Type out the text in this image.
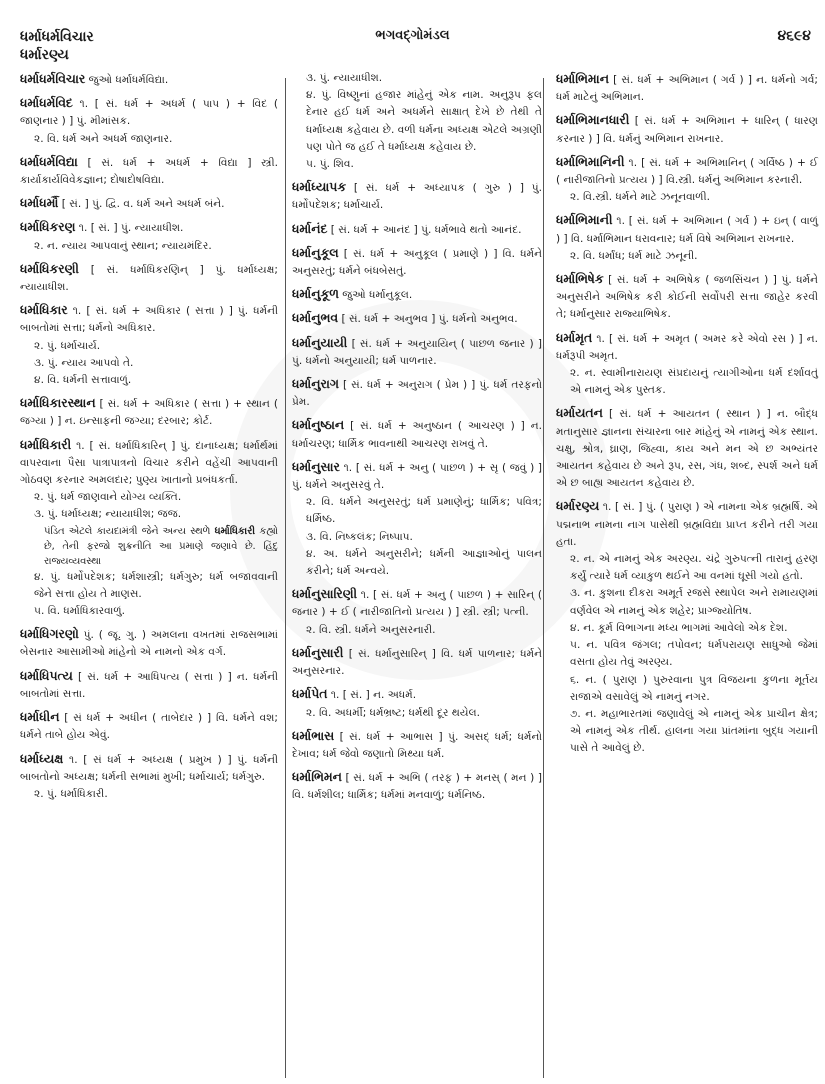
ધર્માધર્મવિચાર
ધર્મારણ્ય
ભગવદ્ગોમંડલ	૪૬૯૪
ધર્માધર્મવિચાર જુઓ ધર્માધર્મવિદ્યા.
ધર્માધર્મવિદ ૧. [ સં. ધર્મ + અધર્મ ( પાપ ) + વિદ ( જાણનાર ) ] પું. મીમાંસક.
૨. વિ. ધર્મ અને અધર્મ જાણનાર.
ધર્માધર્મવિદ્યા [ સં. ધર્મ + અધર્મ + વિદ્યા ] સ્ત્રી. કાર્યાકાર્યવિવેકજ્ઞાન; દોષાદોષવિદ્યા.
ધર્માધર્મૌ [ સં. ] પું. દ્વિ. વ. ધર્મ અને અધર્મ બંને.
ધર્માધિકરણ ૧. [ સં. ] પું. ન્યાયાધીશ.
૨. ન. ન્યાય આપવાનું સ્થાન; ન્યાયમંદિર.
ધર્માધિકરણી [ સં. ધર્માધિકરણિન્ ] પું. ધર્માધ્યક્ષ; ન્યાયાધીશ.
ધર્માધિકાર ૧. [ સં. ધર્મ + અધિકાર ( સત્તા ) ] પું. ધર્મની બાબતોમાં સત્તા; ધર્મનો અધિકાર.
૨. પું. ધર્માચાર્ય.
૩. પું. ન્યાય આપવો તે.
૪. વિ. ધર્મની સત્તાવાળું.
ધર્માધિકારસ્થાન [ સં. ધર્મ + અધિકાર ( સત્તા ) + સ્થાન ( જગ્યા ) ] ન. ઇન્સાફની જગ્યા; દરબાર; કોર્ટ.
ધર્માધિકારી ૧. [ સં. ધર્માધિકારિન્ ] પું. દાનાધ્યક્ષ; ધર્માર્થમાં વાપરવાના પૈસા પાત્રાપાત્રનો વિચાર કરીને વહેંચી આપવાની ગોઠવણ કરનાર અમલદાર; પુણ્ય ખાતાનો પ્રબંધકર્તા.
૨. પું. ધર્મ જાણવાને યોગ્ય વ્યક્તિ.
૩. પું. ધર્માધ્યક્ષ; ન્યાયાધીશ; જજ.
પંડિત એટલે કાયદામંત્રી જેને અન્ય સ્થળે ધર્માધિકારી કહ્યો છે, તેની ફરજો શુક્રનીતિ આ પ્રમાણે જણાવે છે. હિંદુ રાજ્યવ્યવસ્થા
૪. પું. ધર્મોપદેશક; ધર્મશાસ્ત્રી; ધર્મગુરુ; ધર્મ બજાવવાની જેને સત્તા હોય તે માણસ.
૫. વિ. ધર્માધિકારવાળું.
ધર્માધિગરણો પું. ( જૂ. ગુ. ) અમલના વખતમાં રાજસભામાં બેસનાર આસામીઓ માંહેનો એ નામનો એક વર્ગ.
ધર્માધિપત્ય [ સં. ધર્મ + આધિપત્ય ( સત્તા ) ] ન. ધર્મની બાબતોમાં સત્તા.
ધર્માધીન [ સં ધર્મ + અધીન ( તાબેદાર ) ] વિ. ધર્મને વશ; ધર્મને તાબે હોય એવું.
ધર્માધ્યક્ષ ૧. [ સં ધર્મ + અધ્યક્ષ ( પ્રમુખ ) ] પું. ધર્મની બાબતોનો અધ્યક્ષ; ધર્મની સભામાં મુખી; ધર્માચાર્ય; ધર્મગુરુ.
૨. પું. ધર્માધિકારી.
૩. પું. ન્યાયાધીશ.
૪. પું. વિષ્ણુનાં હજાર માંહેનું એક નામ. અનુરૂપ ફલ દેનાર હઈ ધર્મ અને અધર્મને સાક્ષાત્ દેખે છે તેથી તે ધર્માધ્યક્ષ કહેવાય છે. વળી ધર્મના અધ્યક્ષ એટલે અગ્રણી પણ પોતે જ હઈ તે ધર્માધ્યક્ષ કહેવાય છે.
૫. પું. શિવ.
ધર્માધ્યાપક [ સં. ધર્મ + અધ્યાપક ( ગુરુ ) ] પું. ધર્મોપદેશક; ધર્માચાર્ય.
ધર્માનંદ [ સં. ધર્મ + આનંદ ] પું. ધર્મભાવે થતો આનંદ.
ધર્માનુકૂલ [ સં. ધર્મ + અનુકૂલ ( પ્રમાણે ) ] વિ. ધર્મને અનુસરતું; ધર્મને બંધબેસતું.
ધર્માનુકૂળ જુઓ ધર્માનુકૂલ.
ધર્માનુભવ [ સં. ધર્મ + અનુભવ ] પું. ધર્મનો અનુભવ.
ધર્માનુયાયી [ સં. ધર્મ + અનુયાયિન્ ( પાછળ જનાર ) ] પું. ધર્મનો અનુયાયી; ધર્મ પાળનાર.
ધર્માનુરાગ [ સં. ધર્મ + અનુરાગ ( પ્રેમ ) ] પું. ધર્મ તરફનો પ્રેમ.
ધર્માનુષ્ઠાન [ સં. ધર્મ + અનુષ્ઠાન ( આચરણ ) ] ન. ધર્માચરણ; ધાર્મિક ભાવનાથી આચરણ રાખવું તે.
ધર્માનુસાર ૧. [ સં. ધર્મ + અનુ ( પાછળ ) + સૃ ( જવું ) ] પું. ધર્મને અનુસરવું તે.
૨. વિ. ધર્મને અનુસરતું; ધર્મ પ્રમાણેનું; ધાર્મિક; પવિત્ર; ધર્મિષ્ઠ.
૩. વિ. નિષ્કલંક; નિષ્પાપ.
૪. અ. ધર્મને અનુસરીને; ધર્મની આજ્ઞાઓનું પાલન કરીને; ધર્મ અન્વયે.
ધર્માનુસારિણી ૧. [ સં. ધર્મ + અનુ ( પાછળ ) + સારિન્ ( જનાર ) + ઈ ( નારીજાતિનો પ્રત્યય ) ] સ્ત્રી. સ્ત્રી; પત્ની.
૨. વિ. સ્ત્રી. ધર્મને અનુસરનારી.
ધર્માનુસારી [ સં. ધર્માનુસારિન્ ] વિ. ધર્મ પાળનાર; ધર્મને અનુસરનાર.
ધર્માપેત ૧. [ સં. ] ન. અધર્મ.
૨. વિ. અધર્મી; ધર્મભ્રષ્ટ; ધર્મથી દૂર થયેલ.
ધર્માભાસ [ સં. ધર્મ + આભાસ ] પું. અસદ્ ધર્મ; ધર્મનો દેખાવ; ધર્મ જેવો જણાતો મિથ્યા ધર્મ.
ધર્માભિમન [ સં. ધર્મ + અભિ ( તરફ ) + મનસ્ ( મન ) ] વિ. ધર્મશીલ; ધાર્મિક; ધર્મમાં મનવાળું; ધર્મનિષ્ઠ.
ધર્માભિમાન [ સં. ધર્મ + અભિમાન ( ગર્વ ) ] ન. ધર્મનો ગર્વ; ધર્મ માટેનું અભિમાન.
ધર્માભિમાનધારી [ સં. ધર્મ + અભિમાન + ધારિન્ ( ધારણ કરનાર ) ] વિ. ધર્મનું અભિમાન રાખનાર.
ધર્માભિમાનિની ૧. [ સં. ધર્મ + અભિમાનિન્ ( ગર્વિષ્ઠ ) + ઈ ( નારીજાતિનો પ્રત્યય ) ] વિ.સ્ત્રી. ધર્મનું અભિમાન કરનારી.
૨. વિ.સ્ત્રી. ધર્મને માટે ઝનૂનવાળી.
ધર્માભિમાની ૧. [ સં. ધર્મ + અભિમાન ( ગર્વ ) + ઇન્ ( વાળું ) ] વિ. ધર્માભિમાન ધરાવનાર; ધર્મ વિષે અભિમાન રાખનાર.
૨. વિ. ધર્માંધ; ધર્મ માટે ઝનૂની.
ધર્માભિષેક [ સં. ધર્મ + અભિષેક ( જળસિંચન ) ] પું. ધર્મને અનુસરીને અભિષેક કરી કોઈની સર્વોપરી સત્તા જાહેર કરવી તે; ધર્માનુસાર રાજ્યાભિષેક.
ધર્મામૃત ૧. [ સં. ધર્મ + અમૃત ( અમર કરે એવો રસ ) ] ન. ધર્મરૂપી અમૃત.
૨. ન. સ્વામીનારાયણ સંપ્રદાયનું ત્યાગીઓના ધર્મ દર્શાવતું એ નામનું એક પુસ્તક.
ધર્માયતન [ સં. ધર્મ + આયતન ( સ્થાન ) ] ન. બૌદ્ધ મતાનુસાર જ્ઞાનના સંચારના બાર માંહેનું એ નામનું એક સ્થાન. ચક્ષુ, શ્રોત્ર, ઘ્રાણ, જિહ્વા, કાય અને મન એ છ અભ્યંતર આયતન કહેવાય છે અને રૂપ, રસ, ગંધ, શબ્દ, સ્પર્શ અને ધર્મ એ છ બાહ્ય આયતન કહેવાય છે.
ધર્મારણ્ય ૧. [ સં. ] પું. ( પુરાણ ) એ નામના એક બ્રહ્મર્ષિ. એ પદ્મનાભ નામના નાગ પાસેથી બ્રહ્મવિદ્યા પ્રાપ્ત કરીને તરી ગયા હતા.
૨. ન. એ નામનું એક અરણ્ય. ચંદ્રે ગુરુપત્ની તારાનું હરણ કર્યું ત્યારે ધર્મ વ્યાકુળ થઈને આ વનમાં ઘૂસી ગયો હતો.
૩. ન. કુશના દીકરા અમૂર્ત રજસે સ્થાપેલ અને રામાયણમાં વર્ણવેલ એ નામનું એક શહેર; પ્રાગ્જ્યોતિષ.
૪. ન. કૂર્મ વિભાગના મધ્ય ભાગમાં આવેલો એક દેશ.
૫. ન. પવિત્ર જંગલ; તપોવન; ધર્મપરાયણ સાધુઓ જેમાં વસતા હોય તેવું અરણ્ય.
૬. ન. ( પુરાણ ) પુરુરવાના પુત્ર વિજયના કુળના મૂર્તય રાજાએ વસાવેલું એ નામનું નગર.
૭. ન. મહાભારતમાં જણાવેલું એ નામનું એક પ્રાચીન ક્ષેત્ર; એ નામનું એક તીર્થ. હાલના ગયા પ્રાંતમાંના બુદ્ધ ગયાની પાસે તે આવેલું છે.
